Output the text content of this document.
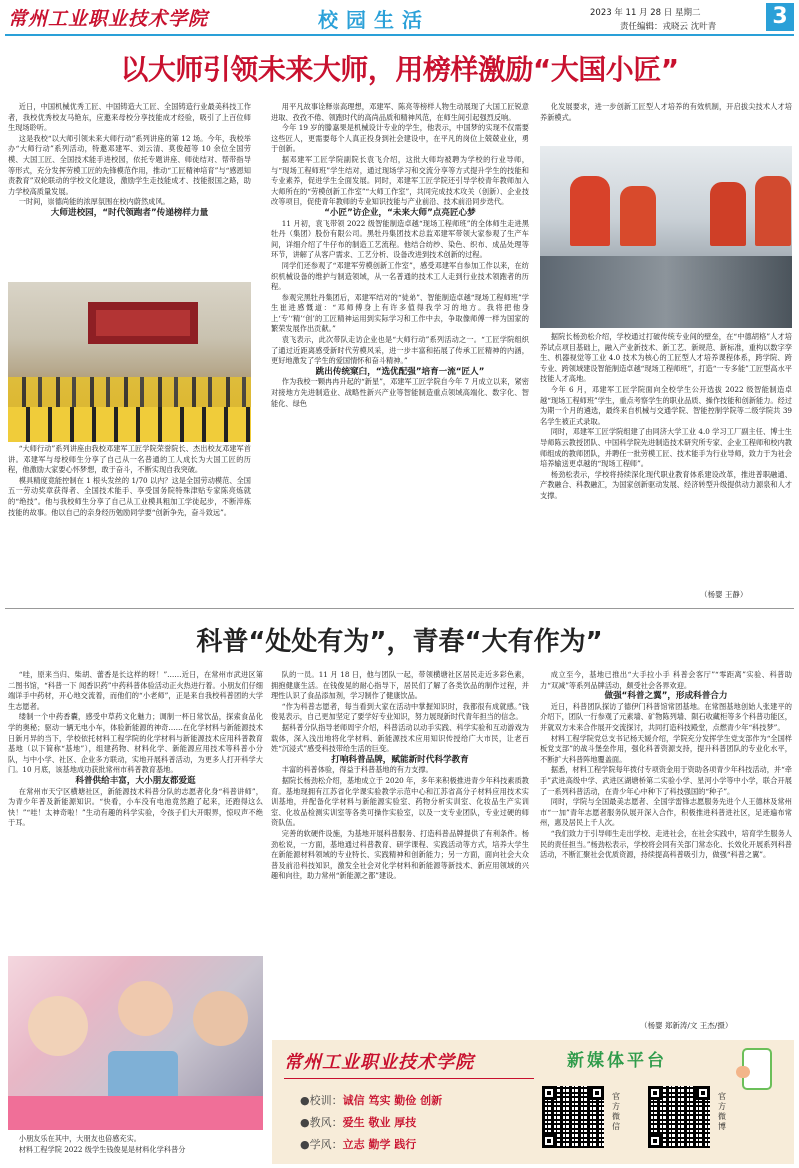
常州工业职业技术学院	校园生活	2023 年 11 月 28 日 星期二
责任编辑：戎晓云 沈叶青	3
以大师引领未来大师，用榜样激励“大国小匠”

近日，中国机械优秀工匠、中国铸造大工匠、全国铸造行业最美科技工作者，我校优秀校友马艳东，应邀来母校分享技能成才经验，吸引了上百位师生现场聆听。

这是我校“以大师引领未来大师行动”系列讲座的第 12 场。今年，我校举办“大师行动”系列活动，特邀邓建军、刘云清、莫俊超等 10 余位全国劳模、大国工匠、全国技术能手进校园，依托专题讲座、师徒结对、帮带指导等形式，充分发挥劳模工匠的先锋模范作用，推动“工匠精神培育”与“感恩知责教育”双轮联动的学校文化建设，激励学生走技能成才、技能报国之路，助力学校高质量发展。

一时间，崇德尚能的浓厚氛围在校内蔚然成风。

大师进校园，“时代领跑者”传递榜样力量

“大师行动”系列讲座由我校邓建军工匠学院荣誉院长、杰出校友邓建军首讲。邓建军与母校师生分享了自己从一名普通的工人成长为大国工匠的历程，他激励大家要心怀梦想，敢于奋斗，不断实现自我突破。

模具精度竟能控制在 1 根头发丝的 1/70 以内？这是全国劳动模范、全国五一劳动奖章获得者、全国技术能手、享受国务院特殊津贴专家陈亮炼就的“绝技”。他与我校师生分享了自己从工业模具粗加工学徒起步，不断淬炼技能的故事。他以自己的亲身经历勉励同学要“创新争先，奋斗致远”。

用平凡故事诠释崇高理想，邓建军、陈亮等榜样人物生动展现了大国工匠锐意进取、孜孜不倦、领跑时代的高尚品质和精神风范，在师生间引起强烈反响。

今年 19 岁的滕嘉果是机械设计专业的学生，他表示，中国梦的实现不仅需要这些匠人，更需要每个人真正投身到社会建设中，在平凡的岗位上兢兢业业，勇于创新。

据邓建军工匠学院副院长袁飞介绍，这批大师均被聘为学校的行业导师，与“现场工程师班”学生结对，通过现场学习和交流分享等方式提升学生的技能和专业素养，促进学生全面发展。同时，邓建军工匠学院还引导学校青年教师加入大师所在的“劳模创新工作室”“大师工作室”，共同完成技术攻关（创新）、企业技改等项目，促使青年教师的专业知识技能与产业前沿、技术前沿同步迭代。

“小匠”访企业，“未来大师”点亮匠心梦

11 月初，袁飞带领 2022 级智能制造卓越“现场工程师班”的全体师生走进黑牡丹（集团）股份有限公司。黑牡丹集团技术总监邓建军带领大家参观了生产车间，详细介绍了牛仔布的制造工艺流程。他结合纺纱、染色、织布、成品处理等环节，讲解了从客户需求、工艺分析、设备改进到技术创新的过程。

同学们还参观了“邓建军劳模创新工作室”，感受邓建军自参加工作以来，在纺织机械设备的维护与制造领域，从一名普通的技术工人走到行业技术领跑者的历程。

参观完黑牡丹集团后，邓建军结对的“徒弟”、智能制造卓越“现场工程师班”学生崔进感慨道：“邓师傅身上有许多值得我学习的地方。我将把他身上‘专’‘精’‘创’的工匠精神运用到实际学习和工作中去，争取像师傅一样为国家的繁荣发展作出贡献。”

袁飞表示，此次带队走访企业也是“大师行动”系列活动之一。“工匠学院组织了通过近距离感受新时代劳模风采，进一步丰富和拓展了传承工匠精神的内涵，更好地激发了学生的爱国情怀和奋斗精神。”

跳出传统窠臼，“选优配强”培育一流“匠人”

作为我校一颗冉冉升起的“新星”，邓建军工匠学院自今年 7 月成立以来，紧密对接地方先进制造业、战略性新兴产业等智能制造重点领域高端化、数字化、智能化、绿色

化发展要求，进一步创新工匠型人才培养的有效机制，开启拔尖技术人才培养新模式。

据院长杨劲松介绍，学校通过打破传统专业间的壁垒，在“中德胡格”人才培养试点项目基础上，融入产业新技术、新工艺、新规范、新标准，重构以数字孪生、机器视觉等工业 4.0 技术为核心的工匠型人才培养课程体系，跨学院、跨专业、跨领域建设智能制造卓越“现场工程师班”，打造“一专多能”工匠型高水平技能人才高地。

今年 6 月，邓建军工匠学院面向全校学生公开选拔 2022 级智能制造卓越“现场工程师班”学生，重点考察学生的职业品质、操作技能和创新能力。经过为期一个月的遴选，最终来自机械与交通学院、智能控制学院等二级学院共 39 名学生被正式录取。

同时，邓建军工匠学院组建了由同济大学工业 4.0 学习工厂副主任、博士生导师陈云教授团队、中国科学院先进制造技术研究所专家、企业工程师和校内教师组成的教师团队，并聘任一批劳模工匠、技术能手为行业导师，致力于为社会培养输送更卓越的“现场工程师”。

杨劲松表示，学校将持续深化现代职业教育体系建设改革，推进普职融通、产教融合、科教融汇，为国家创新驱动发展、经济转型升级提供动力源泉和人才支撑。

（杨婴 王静）
科普“处处有为”，青春“大有作为”

“哇，原来当归、柴胡、蕾香是长这样的呀！”……近日，在常州市武进区第二图书馆，“科普一下 闻香识药”中药科普体验活动正火热进行着。小朋友们仔细端详手中药材，开心地交流着，而他们的“小老师”，正是来自我校科普团的大学生志愿者。

缕制一个中药香囊，感受中草药文化魅力；调制一杯日常饮品，探索食品化学的奥秘；驱动一辆无电小车，体验新能源的神奇……在化学材料与新能源技术日新月异的当下，学校依托材料工程学院的化学材料与新能源技术应用科普教育基地（以下简称“基地”），组建药物、材料化学、新能源应用技术等科普小分队，与中小学、社区、企业多方联动，实地开展科普活动，为更多人打开科学大门。10 月底，该基地成功获批常州市科普教育基地。

科普供给丰富，大小朋友都爱逛

在常州市天宁区横塘社区，新能源技术科普分队的志愿者化身“科普讲师”，为青少年普及新能源知识。“快看，小车没有电池竟然跑了起来，还跑得这么快！”“哇！太神奇啦！”生动有趣的科学实验，令孩子们大开眼界，惊叹声不绝于耳。

小朋友乐在其中，大朋友也倍感充实。

材料工程学院 2022 级学生钱俊晃是材料化学科普分

队的一员。11 月 18 日，他与团队一起，带领横塘社区居民走近多彩色素，拥抱健康生活。在钱俊晃的耐心指导下，居民们了解了各类饮品的制作过程，并理性认识了食品添加剂，学习制作了健康饮品。

“作为科普志愿者，每当看到大家在活动中掌握知识时，我都很有成就感。”钱俊晃表示，自己更加坚定了要学好专业知识，努力展现新时代青年担当的信念。

据科普分队指导老师周宇介绍，科普活动以动手实践、科学实验和互动游戏为载体，深入浅出地将化学材料、新能源技术应用知识传授给广大市民，让老百姓“沉浸式”感受科技带给生活的巨变。

打响科普品牌，赋能新时代科学教育

丰富的科普体验，得益于科普基地的有力支撑。

据院长杨劲松介绍，基地成立于 2020 年，多年来积极推进青少年科技素质教育。基地现拥有江苏省化学课实验教学示范中心和江苏省高分子材料应用技术实训基地，并配备化学材料与新能源实验室、药物分析实训室、化妆品生产实训室、化妆品检测实训室等各类可操作实验室，以及一支专业团队，专业过硬的师资队伍。

完善的软硬件设施，为基地开展科普服务、打造科普品牌提供了有利条件。杨劲松说，一方面，基地通过科普教育、研学课程、实践活动等方式，培养大学生在新能源材料领域的专业特长、实践精神和创新能力；另一方面，面向社会大众普及前沿科技知识，激发全社会对化学材料和新能源等新技术、新应用领域的兴趣和向往，助力常州“新能源之都”建设。

成立至今，基地已推出“大手拉小手 科普会客厅”“零距离”实验、科普助力“双减”等系列品牌活动，颇受社会各界欢迎。

做强“科普之翼”，形成科普合力

近日，科普团队探访了德伊门科普馆常团基地。在常图基地创始人张建平的介绍下，团队一行参观了元素墙、矿物陈列墙、陨石收藏柜等多个科普功能区，并就双方未来合作展开交流探讨，共同打造科技殿堂，点燃青少年“科技梦”。

材料工程学院党总支书记杨天媛介绍，学院充分发挥学生党支部作为“全国样板党支部”的战斗堡垒作用，强化科普资源支持，提升科普团队的专业化水平，不断扩大科普阵地覆盖面。

据悉，材料工程学院每年拨付专项资金用于资助各项青少年科技活动，并“牵手”武进高级中学、武进区湖塘桥第二实验小学、星河小学等中小学，联合开展了一系列科普活动，在青少年心中种下了科技强国的“种子”。

同时，学院与全国最美志愿者、全国学雷锋志愿服务先进个人王德林及常州市“一加”青年志愿者服务队展开深入合作，积极推进科普进社区，足迹遍布常州，惠及居民上千人次。

“我们致力于引导师生走出学校、走进社会，在社会实践中，培育学生服务人民的责任担当。”杨劲松表示，学校将会同有关部门常态化、长效化开展系列科普活动，不断汇聚社会优质资源，持续提高科普吸引力，做强“科普之翼”。

（杨婴 郑新涛/文 王杰/摄）
常州工业职业技术学院
●校训：诚信 笃实 勤俭 创新
●教风：爱生 敬业 厚技
●学风：立志 勤学 践行
新媒体平台
官方微信
官方微博
